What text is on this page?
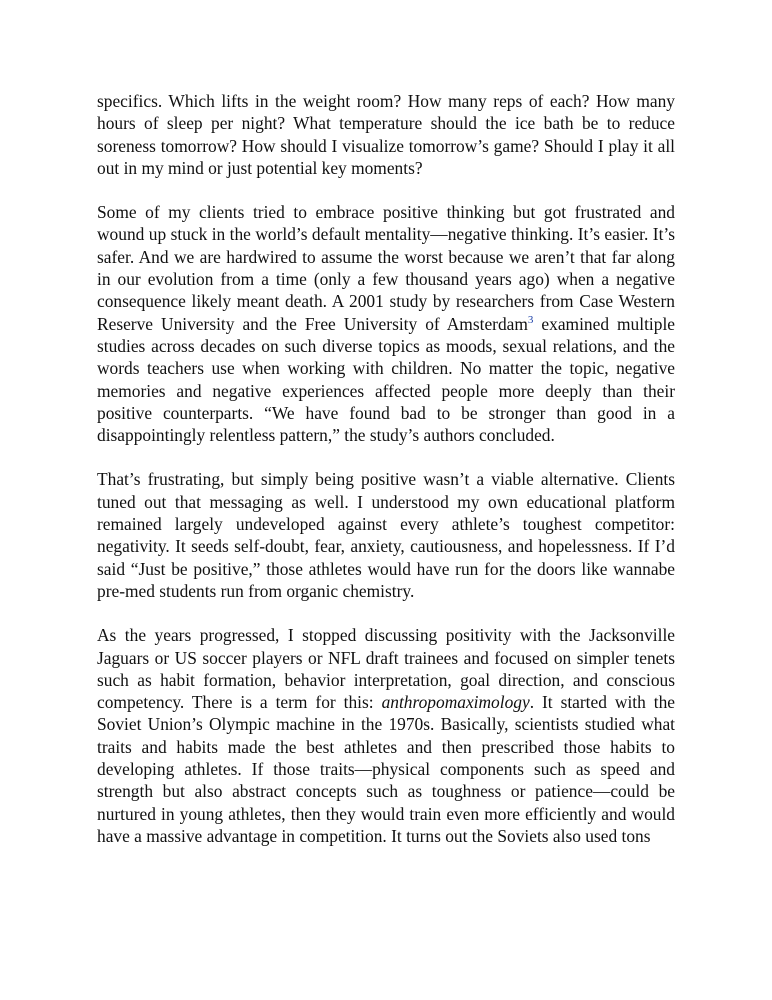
specifics. Which lifts in the weight room? How many reps of each? How many hours of sleep per night? What temperature should the ice bath be to reduce soreness tomorrow? How should I visualize tomorrow’s game? Should I play it all out in my mind or just potential key moments?

Some of my clients tried to embrace positive thinking but got frustrated and wound up stuck in the world’s default mentality—negative thinking. It’s easier. It’s safer. And we are hardwired to assume the worst because we aren’t that far along in our evolution from a time (only a few thousand years ago) when a negative consequence likely meant death. A 2001 study by researchers from Case Western Reserve University and the Free University of Amsterdam$^3$ examined multiple studies across decades on such diverse topics as moods, sexual relations, and the words teachers use when working with children. No matter the topic, negative memories and negative experiences affected people more deeply than their positive counterparts. “We have found bad to be stronger than good in a disappointingly relentless pattern,” the study’s authors concluded.

That’s frustrating, but simply being positive wasn’t a viable alternative. Clients tuned out that messaging as well. I understood my own educational platform remained largely undeveloped against every athlete’s toughest competitor: negativity. It seeds self-doubt, fear, anxiety, cautiousness, and hopelessness. If I’d said “Just be positive,” those athletes would have run for the doors like wannabe pre-med students run from organic chemistry.

As the years progressed, I stopped discussing positivity with the Jacksonville Jaguars or US soccer players or NFL draft trainees and focused on simpler tenets such as habit formation, behavior interpretation, goal direction, and conscious competency. There is a term for this: anthropomaximology. It started with the Soviet Union’s Olympic machine in the 1970s. Basically, scientists studied what traits and habits made the best athletes and then prescribed those habits to developing athletes. If those traits—physical components such as speed and strength but also abstract concepts such as toughness or patience—could be nurtured in young athletes, then they would train even more efficiently and would have a massive advantage in competition. It turns out the Soviets also used tons
